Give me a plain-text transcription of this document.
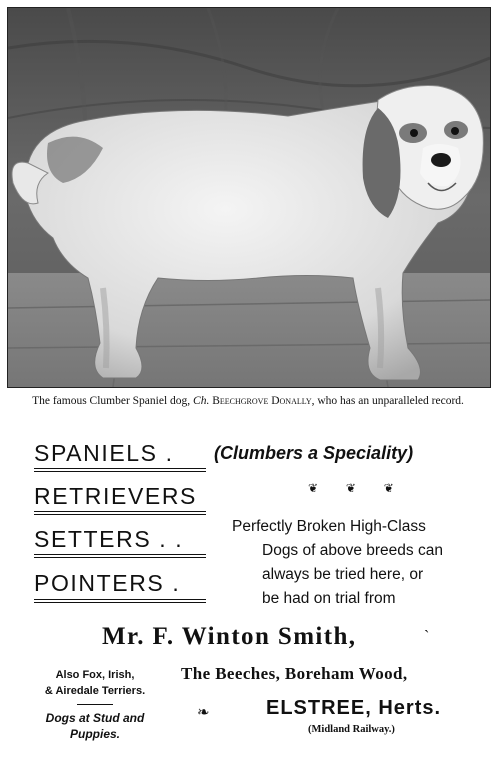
The famous Clumber Spaniel dog, Ch. Beechgrove Donally, who has an unparalleled record.
SPANIELS .
RETRIEVERS
SETTERS . .
POINTERS .
(Clumbers a Speciality)
❦ ❦ ❦
Perfectly Broken High-Class
Dogs of above breeds can
always be tried here, or
be had on trial from
Mr. F. Winton Smith,	`
Also Fox, Irish,
& Airedale Terriers.
Dogs at Stud and
Puppies.
The Beeches, Boreham Wood,
❧	ELSTREE, Herts.
(Midland Railway.)
